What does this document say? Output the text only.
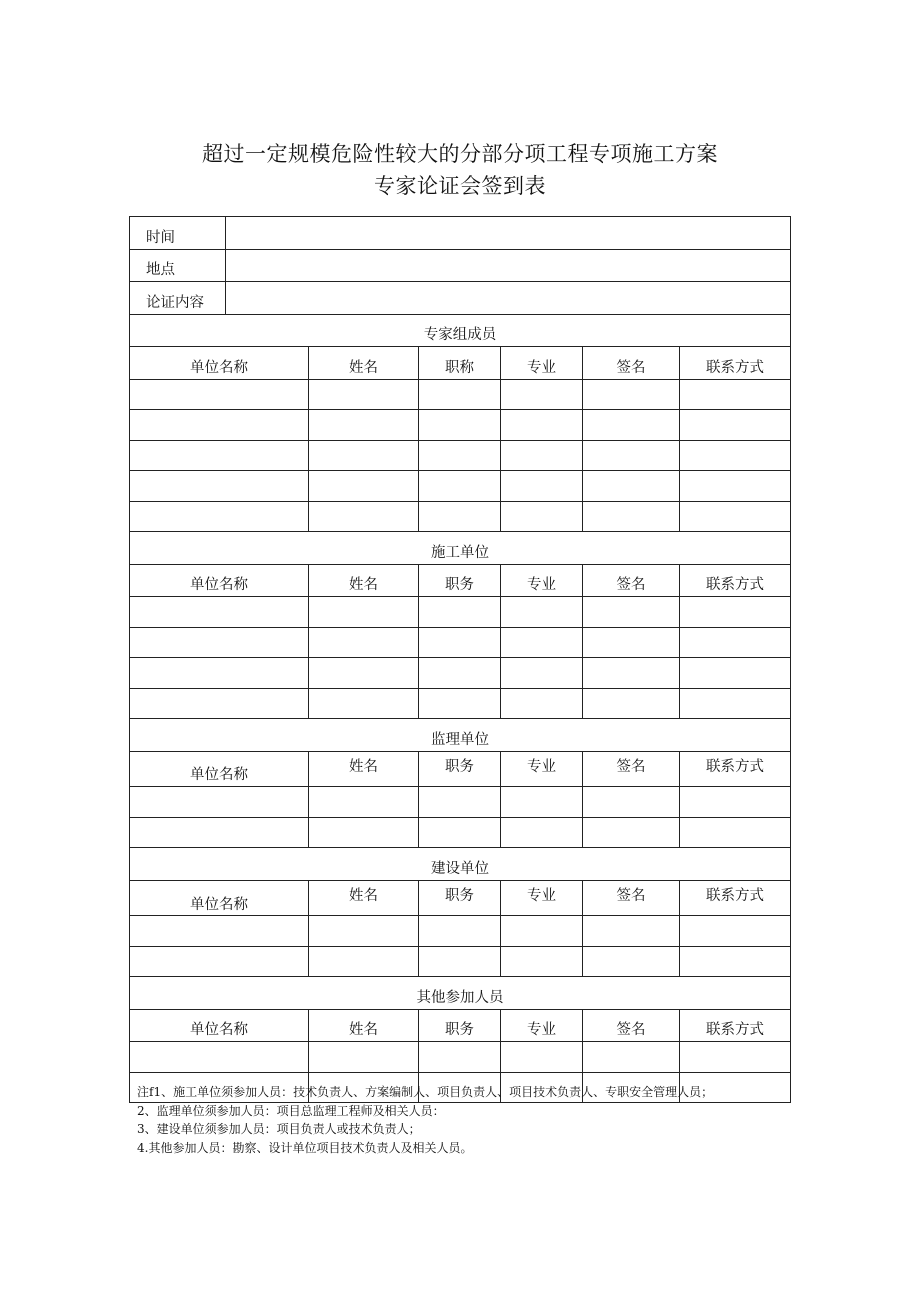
超过一定规模危险性较大的分部分项工程专项施工方案
专家论证会签到表
时间						
地点						
论证内容						
专家组成员						
单位名称		姓名	职称	专业	签名	联系方式

施工单位						
单位名称		姓名	职务	专业	签名	联系方式

监理单位						
单位名称		姓名	职务	专业	签名	联系方式

建设单位						
单位名称		姓名	职务	专业	签名	联系方式

其他参加人员						
单位名称		姓名	职务	专业	签名	联系方式

注f1、施工单位须参加人员：技术负责人、方案编制人、项目负责人、项目技术负责人、专职安全管理人员；
2、监理单位须参加人员：项目总监理工程师及相关人员：
3、建设单位须参加人员：项目负责人或技术负责人；
4.其他参加人员：勘察、设计单位项目技术负责人及相关人员。
